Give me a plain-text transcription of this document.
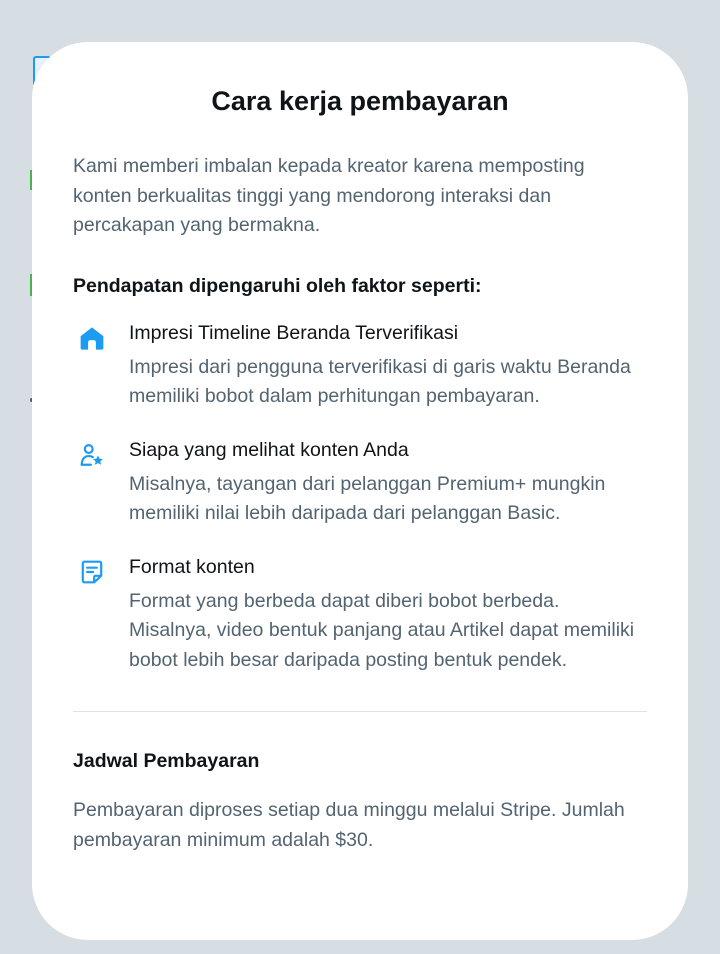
Cara kerja pembayaran
Kami memberi imbalan kepada kreator karena memposting konten berkualitas tinggi yang mendorong interaksi dan percakapan yang bermakna.
Pendapatan dipengaruhi oleh faktor seperti:
Impresi Timeline Beranda Terverifikasi
Impresi dari pengguna terverifikasi di garis waktu Beranda memiliki bobot dalam perhitungan pembayaran.
Siapa yang melihat konten Anda
Misalnya, tayangan dari pelanggan Premium+ mungkin memiliki nilai lebih daripada dari pelanggan Basic.
Format konten
Format yang berbeda dapat diberi bobot berbeda. Misalnya, video bentuk panjang atau Artikel dapat memiliki bobot lebih besar daripada posting bentuk pendek.
Jadwal Pembayaran
Pembayaran diproses setiap dua minggu melalui Stripe. Jumlah pembayaran minimum adalah $30.
